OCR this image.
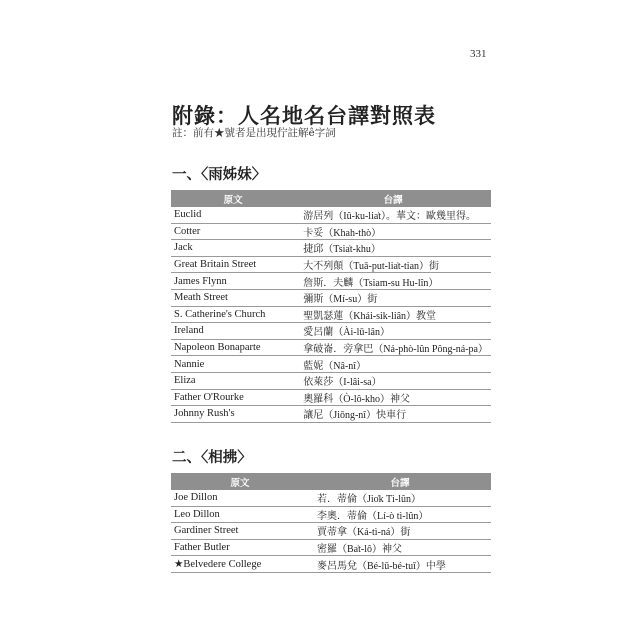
331
附錄：人名地名台譯對照表
註：前有★號者是出現佇註解ê字詞
一、〈雨姊妹〉
原文	台譯
Euclid	游居列（Iû-ku-lia̍t）。華文：歐幾里得。
Cotter	卡妥（Khah-thò）
Jack	捷邱（Tsia̍t-khu）
Great Britain Street	大不列顛（Tuā-put-lia̍t-tian）街
James Flynn	詹斯．夫麟（Tsiam-su Hu-lîn）
Meath Street	彌斯（Mí-su）街
S. Catherine's Church	聖凱瑟蓮（Khái-sik-liân）教堂
Ireland	愛呂蘭（Ài-lū-lân）
Napoleon Bonaparte	拿破崙．旁拿巴（Ná-phò-lûn Pông-ná-pa）
Nannie	藍妮（Nâ-nî）
Eliza	依萊莎（I-lâi-sa）
Father O'Rourke	奧羅科（Ò-lô-kho）神父
Johnny Rush's	讓尼（Jiōng-nî）快車行
二、〈相拂〉
原文	台譯
Joe Dillon	若．蒂倫（Jio̍k Tì-lûn）
Leo Dillon	李奧．蒂倫（Lí-ò tì-lûn）
Gardiner Street	賈蒂拿（Ká-tì-ná）街
Father Butler	密羅（Ba̍t-lô）神父
★Belvedere College	麥呂馬兌（Bé-lū-bé-tuī）中學
